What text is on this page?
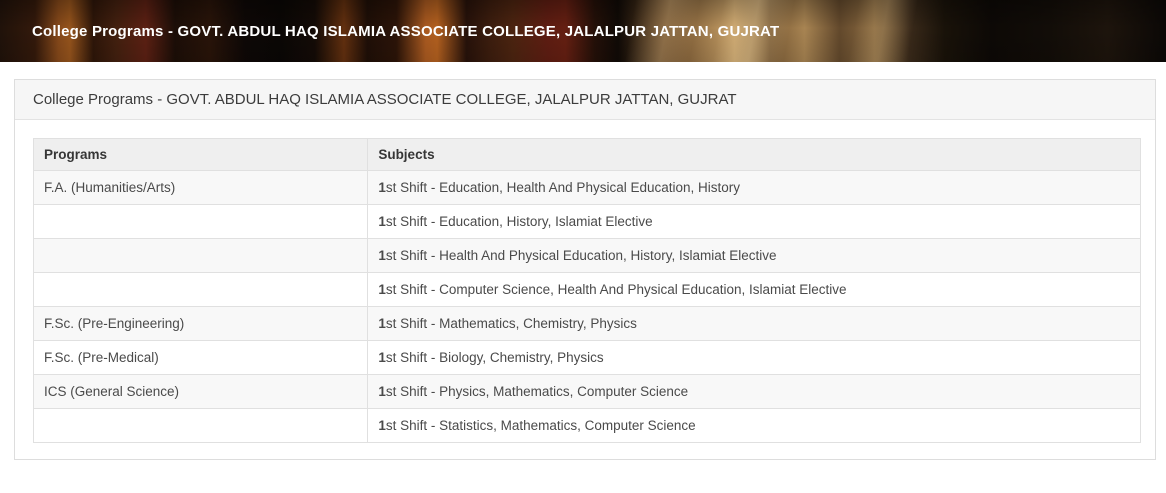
College Programs - GOVT. ABDUL HAQ ISLAMIA ASSOCIATE COLLEGE, JALALPUR JATTAN, GUJRAT
College Programs - GOVT. ABDUL HAQ ISLAMIA ASSOCIATE COLLEGE, JALALPUR JATTAN, GUJRAT
Programs	Subjects
F.A. (Humanities/Arts)	1st Shift - Education, Health And Physical Education, History
	1st Shift - Education, History, Islamiat Elective
	1st Shift - Health And Physical Education, History, Islamiat Elective
	1st Shift - Computer Science, Health And Physical Education, Islamiat Elective
F.Sc. (Pre-Engineering)	1st Shift - Mathematics, Chemistry, Physics
F.Sc. (Pre-Medical)	1st Shift - Biology, Chemistry, Physics
ICS (General Science)	1st Shift - Physics, Mathematics, Computer Science
	1st Shift - Statistics, Mathematics, Computer Science
